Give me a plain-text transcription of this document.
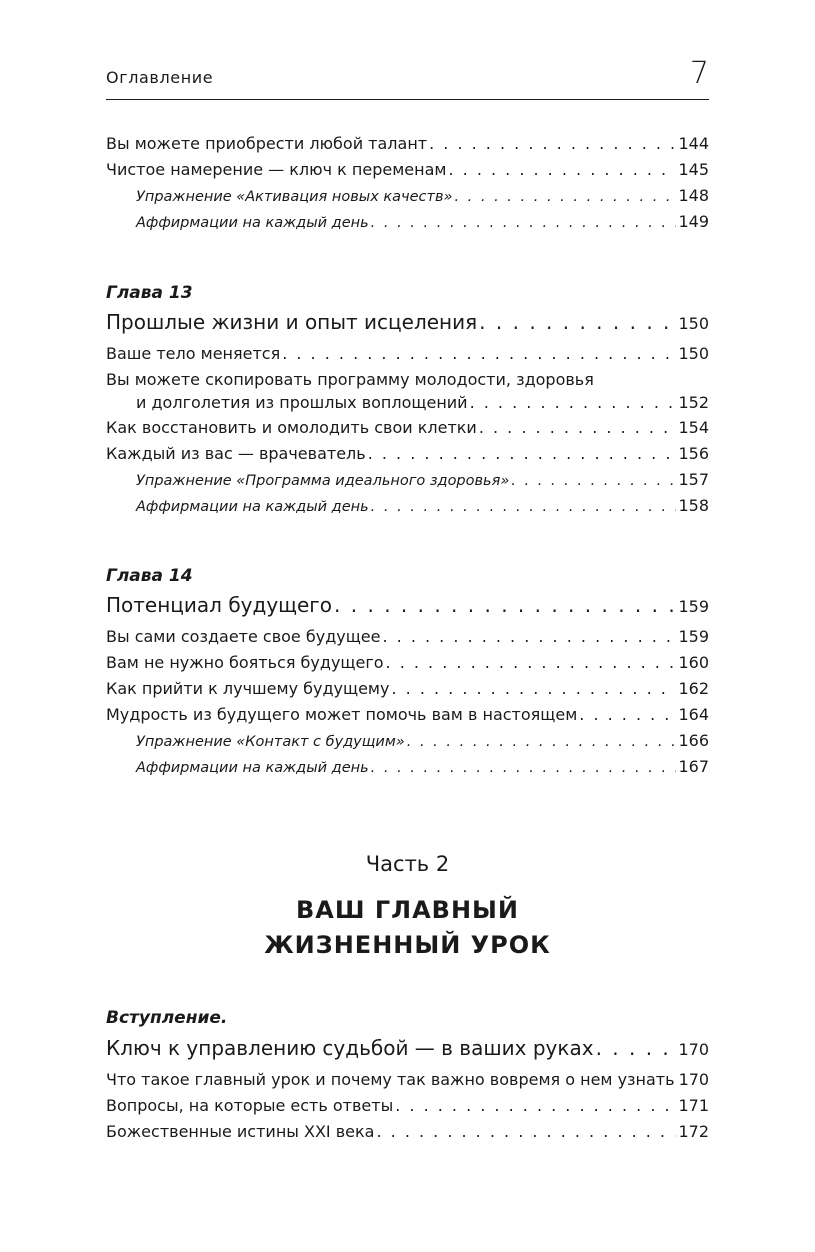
Оглавление	7
Вы можете приобрести любой талант . . .	144
Чистое намерение — ключ к переменам . . .	145
Упражнение «Активация новых качеств» . . .	148
Аффирмации на каждый день . . .	149
Глава 13
Прошлые жизни и опыт исцеления . . .	150
Ваше тело меняется . . .	150
Вы можете скопировать программу молодости, здоровья
и долголетия из прошлых воплощений . . .	152
Как восстановить и омолодить свои клетки . . .	154
Каждый из вас — врачеватель . . .	156
Упражнение «Программа идеального здоровья» . . .	157
Аффирмации на каждый день . . .	158
Глава 14
Потенциал будущего . . .	159
Вы сами создаете свое будущее . . .	159
Вам не нужно бояться будущего . . .	160
Как прийти к лучшему будущему . . .	162
Мудрость из будущего может помочь вам в настоящем . . .	164
Упражнение «Контакт с будущим» . . .	166
Аффирмации на каждый день . . .	167
Часть 2
ВАШ ГЛАВНЫЙ
ЖИЗНЕННЫЙ УРОК
Вступление.
Ключ к управлению судьбой — в ваших руках . . .	170
Что такое главный урок и почему так важно вовремя о нем узнать 170
Вопросы, на которые есть ответы . . .	171
Божественные истины XXI века . . .	172
